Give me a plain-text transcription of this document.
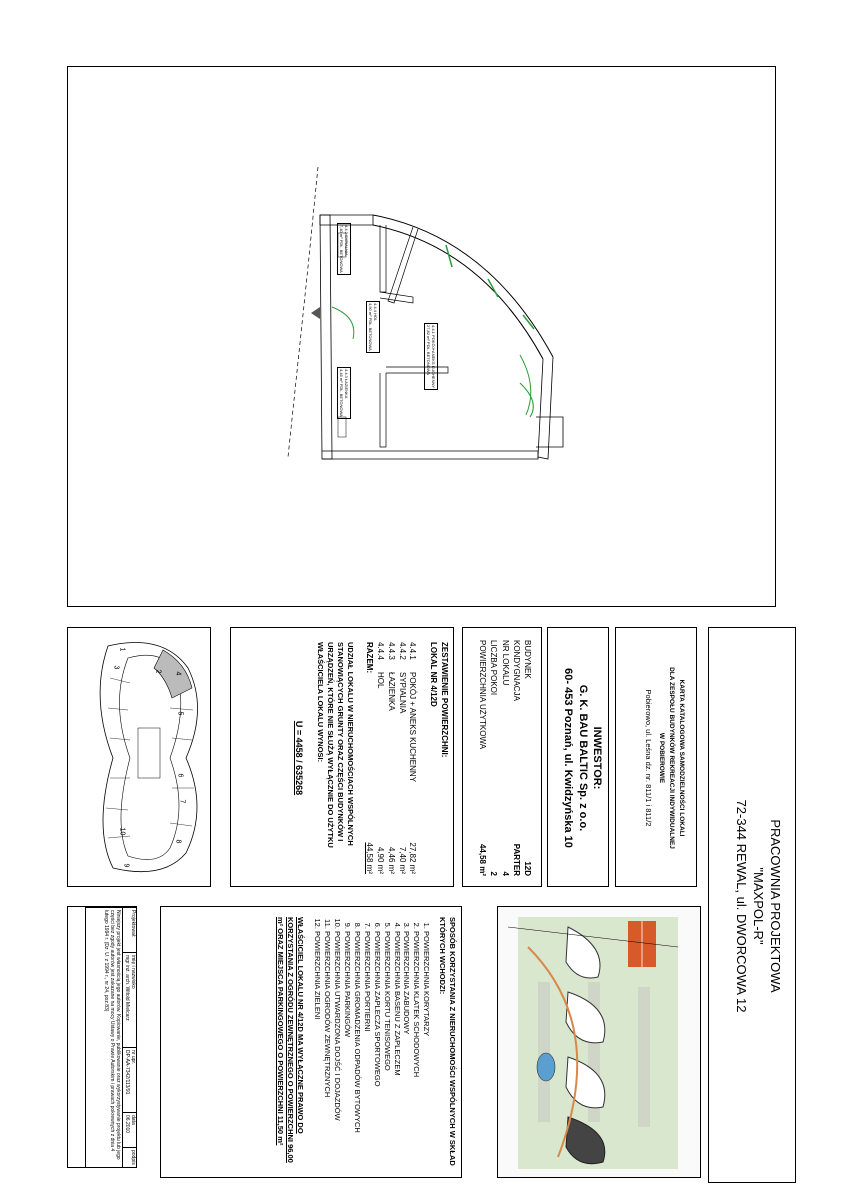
4.4.1 POKÓJ+ANEKS KUCHENNY
27,82 m² PDŁ. BETONOWA
4.4.2 SYPIALNIA
7,40 m² PDŁ. BETONOWA
4.4.3 ŁAZIENKA
4,46 m² PDŁ. BETONOWA
4.4.4 HOL
4,90 m² PDŁ. BETONOWA
PRACOWNIA PROJEKTOWA
"MAXPOL-R"
72-344 REWAL, ul. DWORCOWA 12
KARTA KATALOGOWA SAMODZIELNOŚCI LOKALI
DLA ZESPOŁU BUDYNKÓW REKREACJI INDYWIDUALNEJ
W POBIEROWIE
Pobierowo, ul. Leśna dz. nr. 811/1 i 811/2
INWESTOR:
G. K. BAU BALTIC Sp. z o.o.
60- 453 Poznań, ul. Kwidzyńska 10
BUDYNEK
12D
KONDYGNACJA
PARTER
NR LOKALU
4
LICZBA POKOI
2
POWIERZCHNIA UŻYTKOWA
44,58 m²
ZESTAWIENIE POWIERZCHNI:
LOKAL NR 4/12D
4.4.1
POKÓJ + ANEKS KUCHENNY
27,82 m²
4.4.2
SYPIALNIA
7,40 m²
4.4.3
ŁAZIENKA
4,46 m²
4.4.4
HOL
4,90 m²
RAZEM:
44,58 m²
UDZIAŁ LOKALU W NIERUCHOMOŚCIACH WSPÓLNYCH STANOWIĄCYCH GRUNTY ORAZ CZĘŚCI BUDYNKÓW I URZĄDZEŃ, KTÓRE NIE SŁUŻĄ WYŁĄCZNIE DO UŻYTKU WŁAŚCICIELA LOKALU WYNOSI:
U = 4458 / 635268
1
2
3
4
5
6
7
8
9
10
SPOSÓB KORZYSTANIA Z NIERUCHOMOŚCI WSPÓLNYCH W SKŁAD KTÓRYCH WCHODZI:
1. POWIERZCHNIA KORYTARZY
2. POWIERZCHNIA KLATEK SCHODOWYCH
3. POWIERZCHNIA ZABUDOWY
4. POWIERZCHNIA BASENU Z ZAPLECZEM
5. POWIERZCHNIA KORTU TENISOWEGO
6. POWIERZCHNIA ZAPLECZA SPORTOWEGO
7. POWIERZCHNIA PORTIERNI
8. POWIERZCHNIA GROMADZENIA ODPADÓW BYTOWYCH
9. POWIERZCHNIA PARKINGÓW
10. POWIERZCHNIA UTWARDZONA DOJŚĆ I DOJAZDÓW
11. POWIERZCHNIA OGRODÓW ZEWNĘTRZNYCH
12. POWIERZCHNIA ZIELENI
WŁAŚCICIEL LOKALU NR 4/12D MA WYŁĄCZNE PRAWO DO KORZYSTANIA Z OGRÓDU ZEWNĘTRZNEGO O POWIERZCHNI 96,00 m² ORAZ MIEJSCA PARKINGOWEGO O POWIERZCHNI 11,50 m²
Projektował:	
imię i nazwisko
mgr inż. arch. Witold Mielcarz

nr upr.
DP-AA-7342/113/91

data
06.2010
	podpis
Niniejszy projekt jest własnością jego autorów. Kopiowanie, publikowanie oraz wykorzystywanie projektu lub jego części bez zgody autorów jest zakazane na mocy Ustawy o Prawie Autorskim i prawach pokrewnych z dnia 4 lutego 1994 r. (Dz. U. z 1994 r., nr 24, poz.83)
